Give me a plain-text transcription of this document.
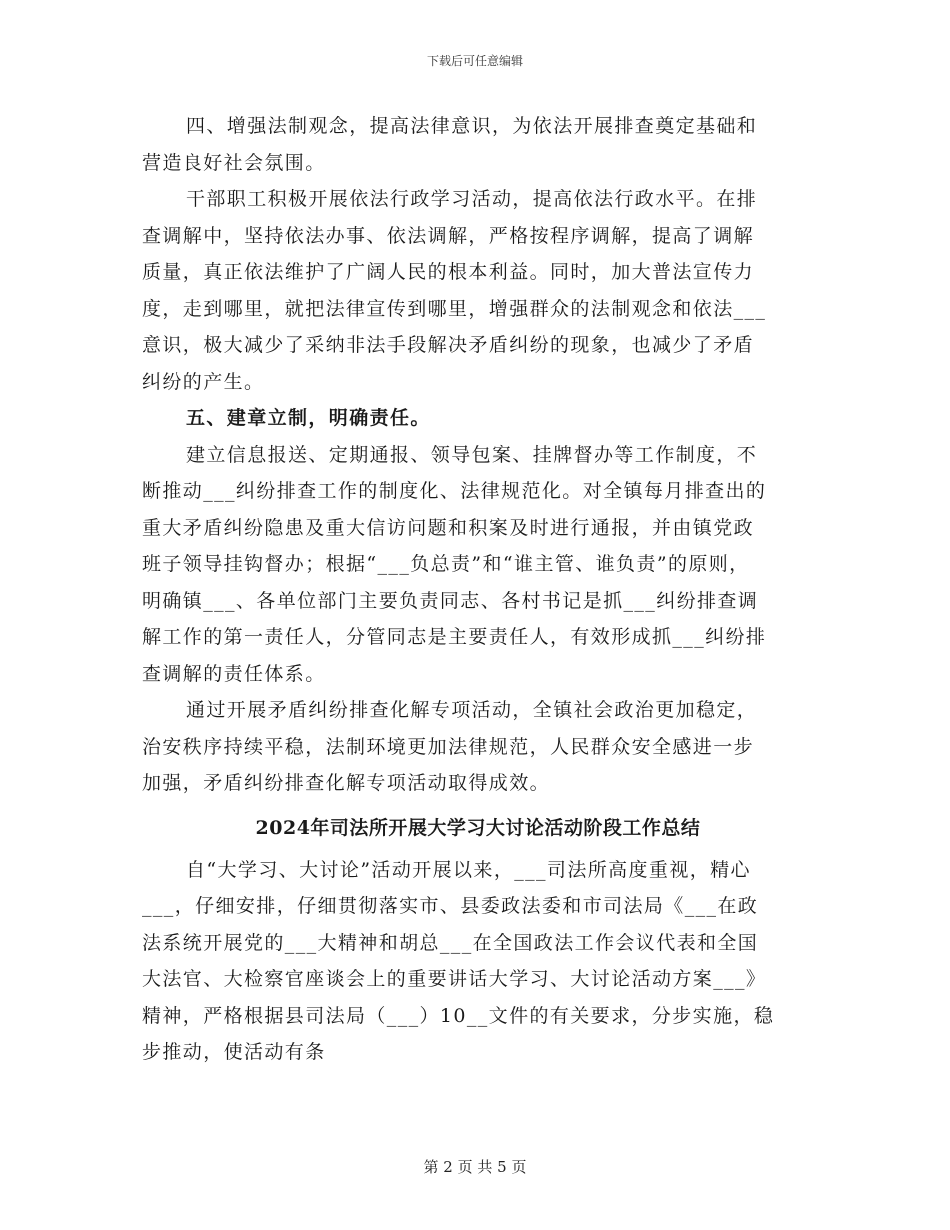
下载后可任意编辑
四、增强法制观念，提高法律意识，为依法开展排查奠定基础和
营造良好社会氛围。
干部职工积极开展依法行政学习活动，提高依法行政水平。在排
查调解中，坚持依法办事、依法调解，严格按程序调解，提高了调解
质量，真正依法维护了广阔人民的根本利益。同时，加大普法宣传力
度，走到哪里，就把法律宣传到哪里，增强群众的法制观念和依法___
意识，极大减少了采纳非法手段解决矛盾纠纷的现象，也减少了矛盾
纠纷的产生。
五、建章立制，明确责任。
建立信息报送、定期通报、领导包案、挂牌督办等工作制度，不
断推动___纠纷排查工作的制度化、法律规范化。对全镇每月排查出的
重大矛盾纠纷隐患及重大信访问题和积案及时进行通报，并由镇党政
班子领导挂钩督办；根据“___负总责”和“谁主管、谁负责”的原则，
明确镇___、各单位部门主要负责同志、各村书记是抓___纠纷排查调
解工作的第一责任人，分管同志是主要责任人，有效形成抓___纠纷排
查调解的责任体系。
通过开展矛盾纠纷排查化解专项活动，全镇社会政治更加稳定，
治安秩序持续平稳，法制环境更加法律规范，人民群众安全感进一步
加强，矛盾纠纷排查化解专项活动取得成效。
2024年司法所开展大学习大讨论活动阶段工作总结
自“大学习、大讨论”活动开展以来，___司法所高度重视，精心
___，仔细安排，仔细贯彻落实市、县委政法委和市司法局《___在政
法系统开展党的___大精神和胡总___在全国政法工作会议代表和全国
大法官、大检察官座谈会上的重要讲话大学习、大讨论活动方案___》
精神，严格根据县司法局（___）10__文件的有关要求，分步实施，稳
步推动，使活动有条
第 2 页 共 5 页
